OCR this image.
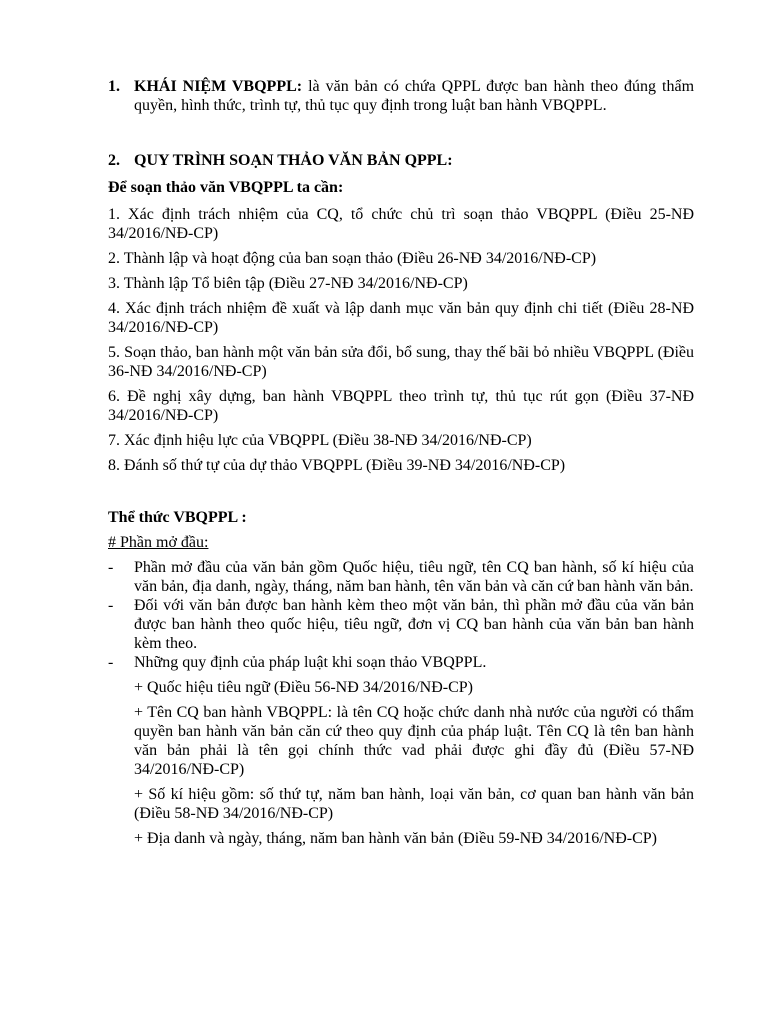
1. KHÁI NIỆM VBQPPL: là văn bản có chứa QPPL được ban hành theo đúng thẩm quyền, hình thức, trình tự, thủ tục quy định trong luật ban hành VBQPPL.
2. QUY TRÌNH SOẠN THẢO VĂN BẢN QPPL:

Để soạn thảo văn VBQPPL ta cần:

1. Xác định trách nhiệm của CQ, tổ chức chủ trì soạn thảo VBQPPL (Điều 25-NĐ 34/2016/NĐ-CP)

2. Thành lập và hoạt động của ban soạn thảo (Điều 26-NĐ 34/2016/NĐ-CP)

3. Thành lập Tổ biên tập (Điều 27-NĐ 34/2016/NĐ-CP)

4. Xác định trách nhiệm đề xuất và lập danh mục văn bản quy định chi tiết (Điều 28-NĐ 34/2016/NĐ-CP)

5. Soạn thảo, ban hành một văn bản sửa đổi, bổ sung, thay thế bãi bỏ nhiều VBQPPL (Điều 36-NĐ 34/2016/NĐ-CP)

6. Đề nghị xây dựng, ban hành VBQPPL theo trình tự, thủ tục rút gọn (Điều 37-NĐ 34/2016/NĐ-CP)

7. Xác định hiệu lực của VBQPPL (Điều 38-NĐ 34/2016/NĐ-CP)

8. Đánh số thứ tự của dự thảo VBQPPL (Điều 39-NĐ 34/2016/NĐ-CP)

Thể thức VBQPPL :

# Phần mở đầu:

-	Phần mở đầu của văn bản gồm Quốc hiệu, tiêu ngữ, tên CQ ban hành, số kí hiệu của văn bản, địa danh, ngày, tháng, năm ban hành, tên văn bản và căn cứ ban hành văn bản.
-	Đối với văn bản được ban hành kèm theo một văn bản, thì phần mở đầu của văn bản được ban hành theo quốc hiệu, tiêu ngữ, đơn vị CQ ban hành của văn bản ban hành kèm theo.
-	Những quy định của pháp luật khi soạn thảo VBQPPL.

+ Quốc hiệu tiêu ngữ (Điều 56-NĐ 34/2016/NĐ-CP)

+ Tên CQ ban hành VBQPPL: là tên CQ hoặc chức danh nhà nước của người có thẩm quyền ban hành văn bản căn cứ theo quy định của pháp luật. Tên CQ là tên ban hành văn bản phải là tên gọi chính thức vad phải được ghi đầy đủ (Điều 57-NĐ 34/2016/NĐ-CP)

+ Số kí hiệu gồm: số thứ tự, năm ban hành, loại văn bản, cơ quan ban hành văn bản (Điều 58-NĐ 34/2016/NĐ-CP)

+ Địa danh và ngày, tháng, năm ban hành văn bản (Điều 59-NĐ 34/2016/NĐ-CP)
